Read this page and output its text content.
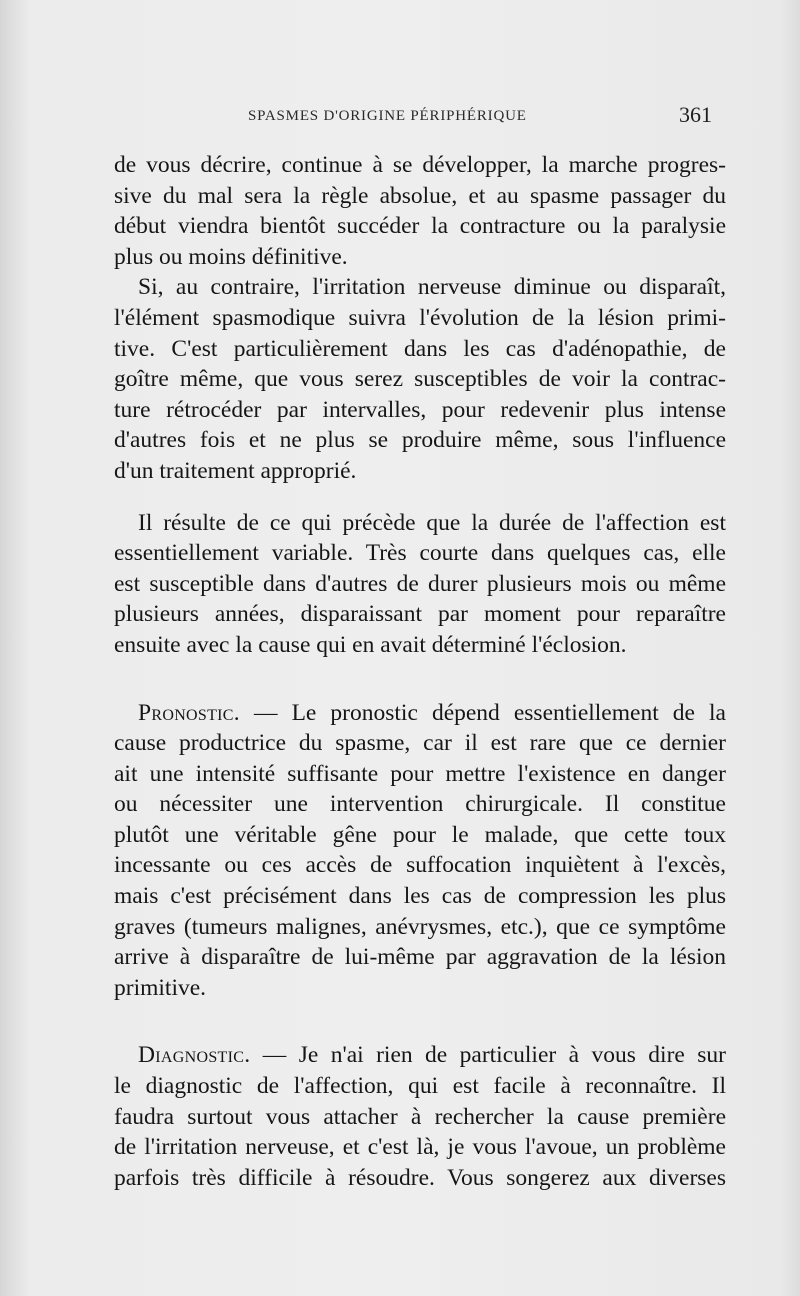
SPASMES D'ORIGINE PÉRIPHÉRIQUE	361

de vous décrire, continue à se développer, la marche progres-

sive du mal sera la règle absolue, et au spasme passager du

début viendra bientôt succéder la contracture ou la paralysie

plus ou moins définitive.

Si, au contraire, l'irritation nerveuse diminue ou disparaît,

l'élément spasmodique suivra l'évolution de la lésion primi-

tive. C'est particulièrement dans les cas d'adénopathie, de

goître même, que vous serez susceptibles de voir la contrac-

ture rétrocéder par intervalles, pour redevenir plus intense

d'autres fois et ne plus se produire même, sous l'influence

d'un traitement approprié.

Il résulte de ce qui précède que la durée de l'affection est

essentiellement variable. Très courte dans quelques cas, elle

est susceptible dans d'autres de durer plusieurs mois ou même

plusieurs années, disparaissant par moment pour reparaître

ensuite avec la cause qui en avait déterminé l'éclosion.

Pronostic. — Le pronostic dépend essentiellement de la

cause productrice du spasme, car il est rare que ce dernier

ait une intensité suffisante pour mettre l'existence en danger

ou nécessiter une intervention chirurgicale. Il constitue

plutôt une véritable gêne pour le malade, que cette toux

incessante ou ces accès de suffocation inquiètent à l'excès,

mais c'est précisément dans les cas de compression les plus

graves (tumeurs malignes, anévrysmes, etc.), que ce symptôme

arrive à disparaître de lui-même par aggravation de la lésion

primitive.

Diagnostic. — Je n'ai rien de particulier à vous dire sur

le diagnostic de l'affection, qui est facile à reconnaître. Il

faudra surtout vous attacher à rechercher la cause première

de l'irritation nerveuse, et c'est là, je vous l'avoue, un problème

parfois très difficile à résoudre. Vous songerez aux diverses
